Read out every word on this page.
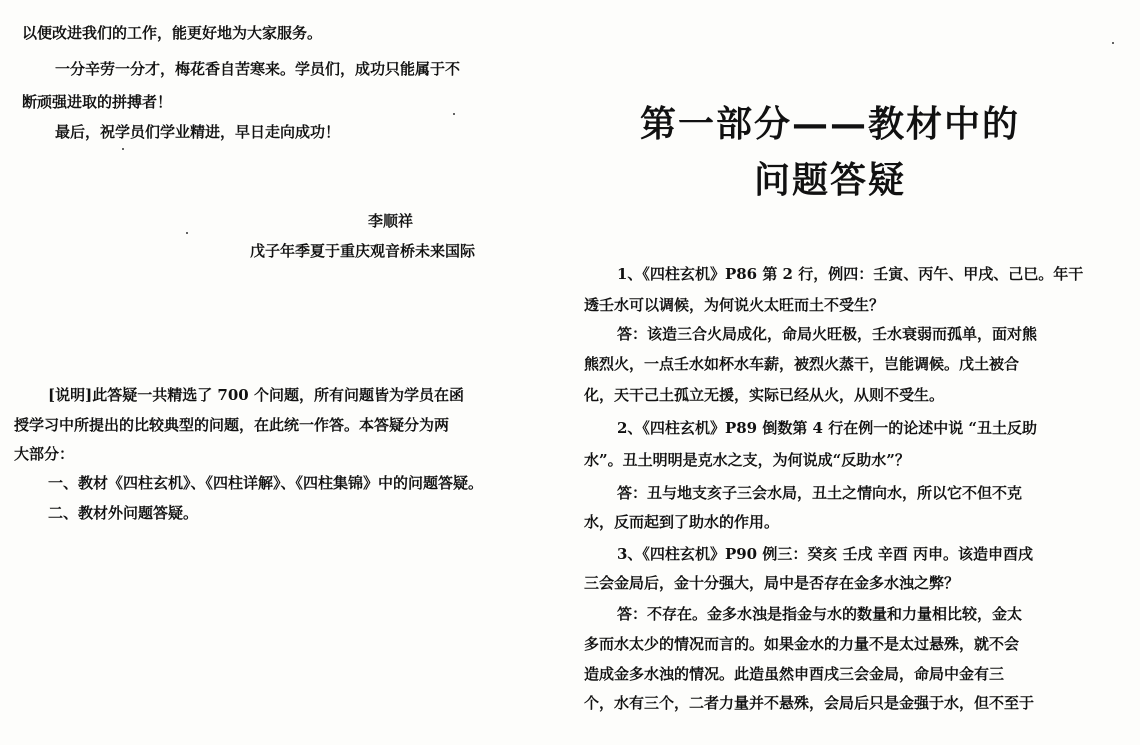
以便改进我们的工作，能更好地为大家服务。

一分辛劳一分才，梅花香自苦寒来。学员们，成功只能属于不

断顽强进取的拼搏者！

最后，祝学员们学业精进，早日走向成功！

李顺祥

戊子年季夏于重庆观音桥未来国际

[说明]此答疑一共精选了 700 个问题，所有问题皆为学员在函

授学习中所提出的比较典型的问题，在此统一作答。本答疑分为两

大部分：

一、教材《四柱玄机》、《四柱详解》、《四柱集锦》中的问题答疑。

二、教材外问题答疑。

第一部分——教材中的
问题答疑

1、《四柱玄机》P86 第 2 行，例四：壬寅、丙午、甲戌、己巳。年干

透壬水可以调候，为何说火太旺而土不受生？

答：该造三合火局成化，命局火旺极，壬水衰弱而孤单，面对熊

熊烈火，一点壬水如杯水车薪，被烈火蒸干，岂能调候。戊土被合

化，天干己土孤立无援，实际已经从火，从则不受生。

2、《四柱玄机》P89 倒数第 4 行在例一的论述中说 “丑土反助

水”。丑土明明是克水之支，为何说成“反助水”？

答：丑与地支亥子三会水局，丑土之情向水，所以它不但不克

水，反而起到了助水的作用。

3、《四柱玄机》P90 例三：癸亥 壬戌 辛酉 丙申。该造申酉戌

三会金局后，金十分强大，局中是否存在金多水浊之弊？

答：不存在。金多水浊是指金与水的数量和力量相比较，金太

多而水太少的情况而言的。如果金水的力量不是太过悬殊，就不会

造成金多水浊的情况。此造虽然申酉戌三会金局，命局中金有三

个，水有三个，二者力量并不悬殊，会局后只是金强于水，但不至于
